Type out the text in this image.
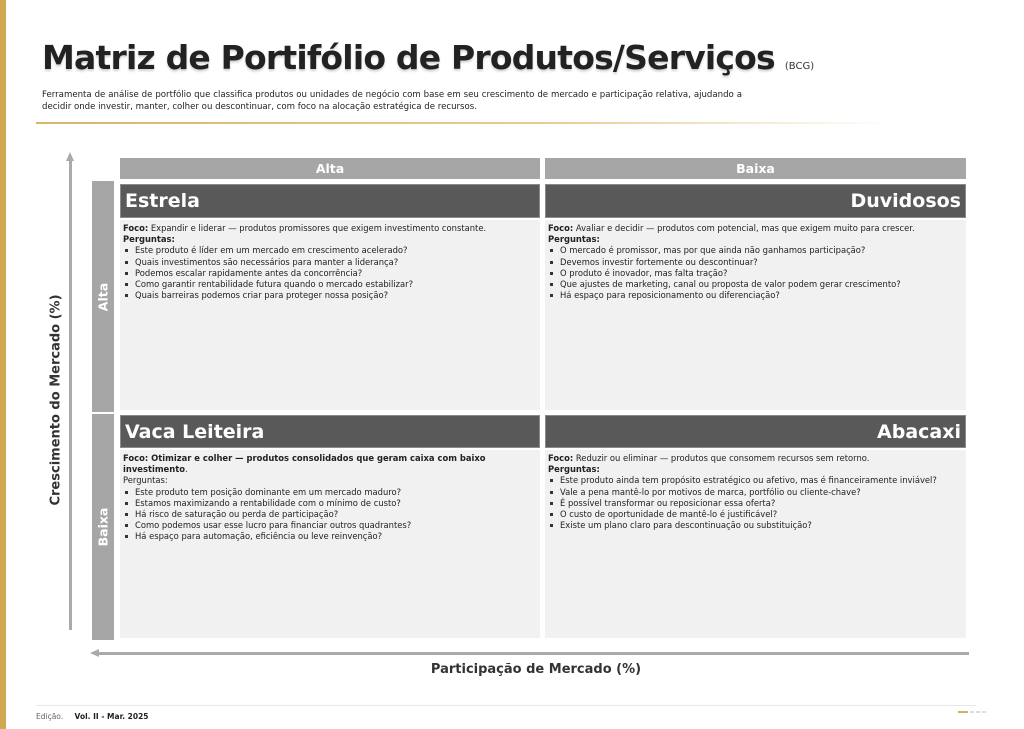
Matriz de Portifólio de Produtos/Serviços (BCG)

Ferramenta de análise de portfólio que classifica produtos ou unidades de negócio com base em seu crescimento de mercado e participação relativa, ajudando a decidir onde investir, manter, colher ou descontinuar, com foco na alocação estratégica de recursos.

Crescimento do Mercado (%)
Participação de Mercado (%)
Alta	Baixa
Alta
Baixa
Estrela
Foco: Expandir e liderar — produtos promissores que exigem investimento constante.
Perguntas:
Este produto é líder em um mercado em crescimento acelerado?
Quais investimentos são necessários para manter a liderança?
Podemos escalar rapidamente antes da concorrência?
Como garantir rentabilidade futura quando o mercado estabilizar?
Quais barreiras podemos criar para proteger nossa posição?
Duvidosos
Foco: Avaliar e decidir — produtos com potencial, mas que exigem muito para crescer.
Perguntas:
O mercado é promissor, mas por que ainda não ganhamos participação?
Devemos investir fortemente ou descontinuar?
O produto é inovador, mas falta tração?
Que ajustes de marketing, canal ou proposta de valor podem gerar crescimento?
Há espaço para reposicionamento ou diferenciação?
Vaca Leiteira
Foco: Otimizar e colher — produtos consolidados que geram caixa com baixo investimento.
Perguntas:
Este produto tem posição dominante em um mercado maduro?
Estamos maximizando a rentabilidade com o mínimo de custo?
Há risco de saturação ou perda de participação?
Como podemos usar esse lucro para financiar outros quadrantes?
Há espaço para automação, eficiência ou leve reinvenção?
Abacaxi
Foco: Reduzir ou eliminar — produtos que consomem recursos sem retorno.
Perguntas:
Este produto ainda tem propósito estratégico ou afetivo, mas é financeiramente inviável?
Vale a pena mantê-lo por motivos de marca, portfólio ou cliente-chave?
É possível transformar ou reposicionar essa oferta?
O custo de oportunidade de mantê-lo é justificável?
Existe um plano claro para descontinuação ou substituição?
Edição. Vol. II - Mar. 2025
